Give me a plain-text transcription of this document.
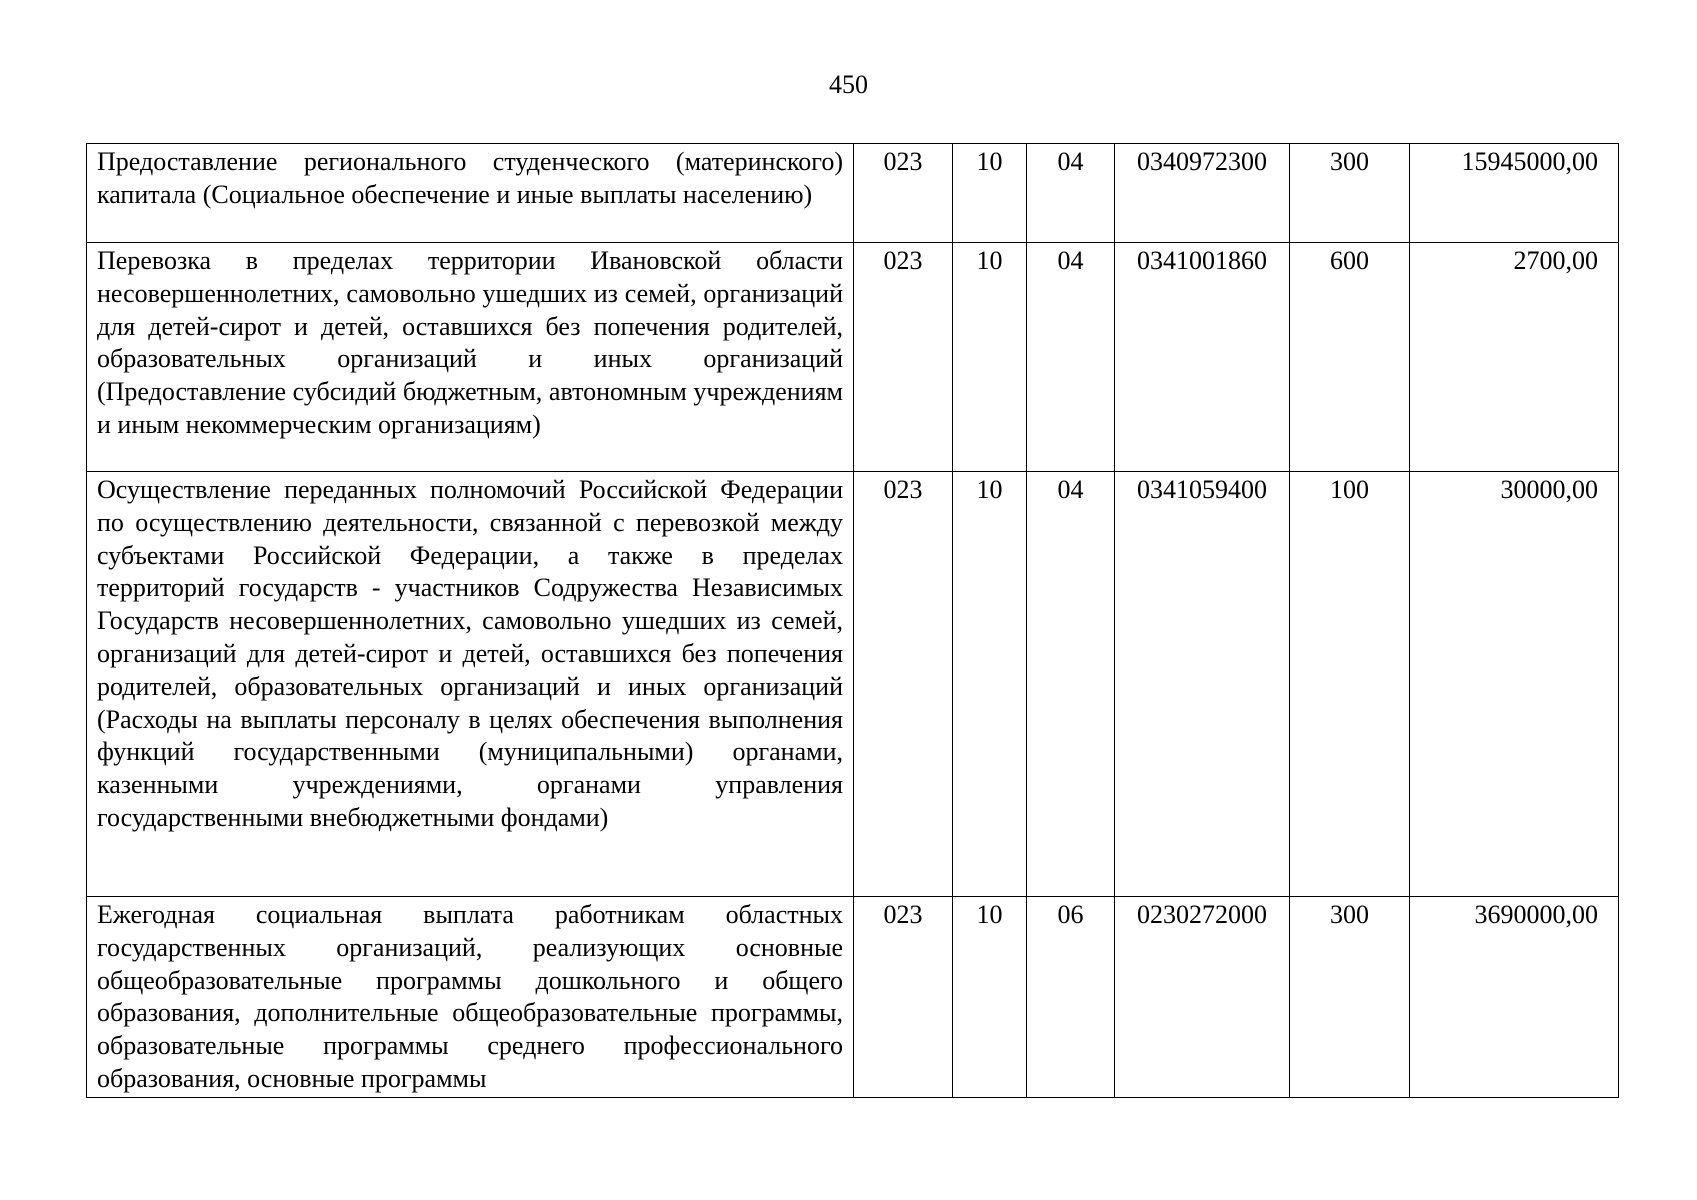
450
Предоставление регионального студенческого (материнского) капитала (Социальное обеспечение и иные выплаты населению)	023	10	04	0340972300	300	15945000,00
Перевозка в пределах территории Ивановской области несовершеннолетних, самовольно ушедших из семей, организаций для детей-сирот и детей, оставшихся без попечения родителей, образовательных организаций и иных организаций (Предоставление субсидий бюджетным, автономным учреждениям и иным некоммерческим организациям)	023	10	04	0341001860	600	2700,00
Осуществление переданных полномочий Российской Федерации по осуществлению деятельности, связанной с перевозкой между субъектами Российской Федерации, а также в пределах территорий государств - участников Содружества Независимых Государств несовершеннолетних, самовольно ушедших из семей, организаций для детей-сирот и детей, оставшихся без попечения родителей, образовательных организаций и иных организаций (Расходы на выплаты персоналу в целях обеспечения выполнения функций государственными (муниципальными) органами, казенными учреждениями, органами управления государственными внебюджетными фондами)	023	10	04	0341059400	100	30000,00
Ежегодная социальная выплата работникам областных государственных организаций, реализующих основные общеобразовательные программы дошкольного и общего образования, дополнительные общеобразовательные программы, образовательные программы среднего профессионального образования, основные программы	023	10	06	0230272000	300	3690000,00
